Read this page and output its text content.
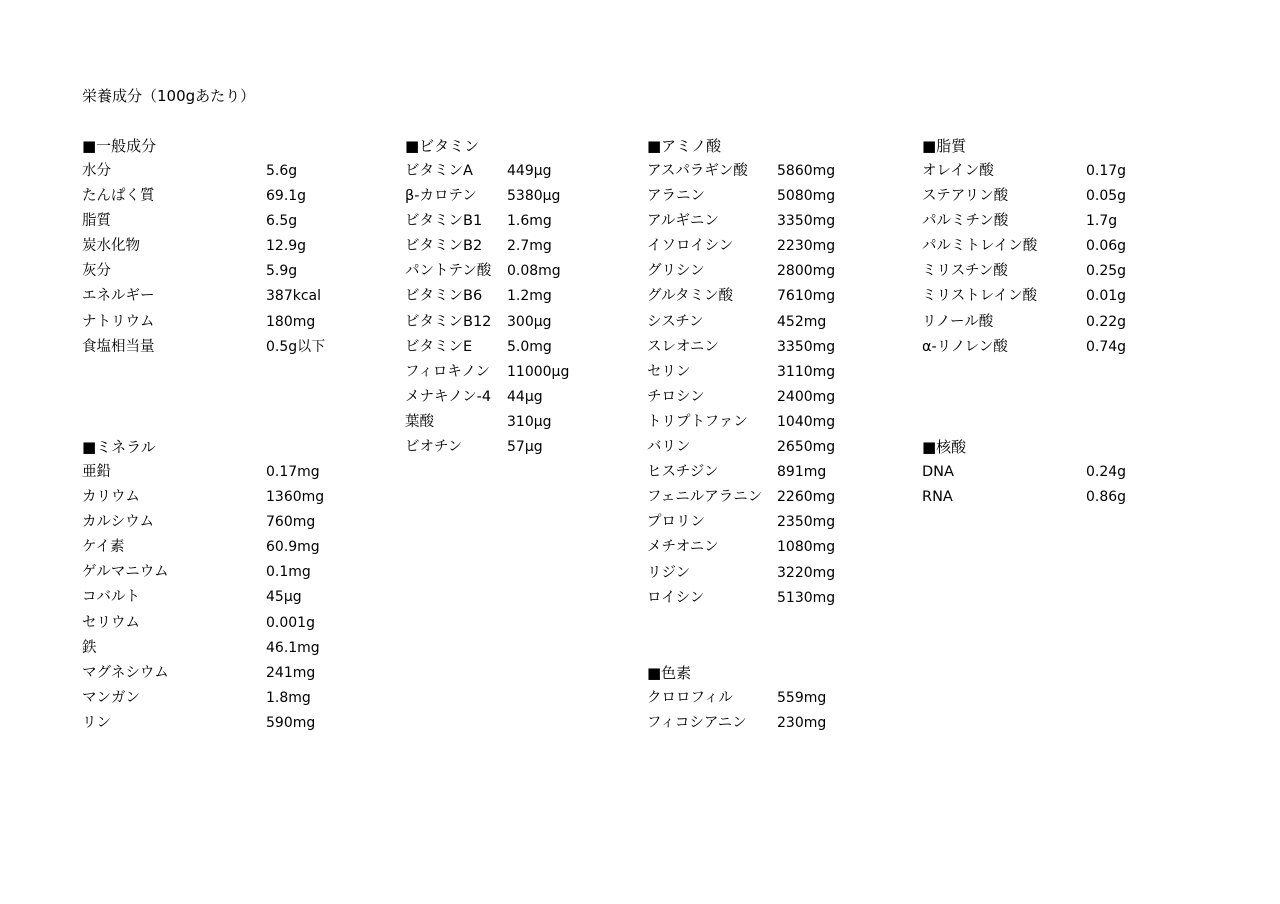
栄養成分（100gあたり）
■一般成分
水分	5.6g
たんぱく質	69.1g
脂質	6.5g
炭水化物	12.9g
灰分	5.9g
エネルギー	387kcal
ナトリウム	180mg
食塩相当量	0.5g以下
■ミネラル
亜鉛	0.17mg
カリウム	1360mg
カルシウム	760mg
ケイ素	60.9mg
ゲルマニウム	0.1mg
コバルト	45μg
セリウム	0.001g
鉄	46.1mg
マグネシウム	241mg
マンガン	1.8mg
リン	590mg
■ビタミン
ビタミンA 449μg
β-カロテン 5380μg
ビタミンB1 1.6mg
ビタミンB2 2.7mg
パントテン酸 0.08mg
ビタミンB6 1.2mg
ビタミンB12 300μg
ビタミンE 5.0mg
フィロキノン 11000μg
メナキノン-4 44μg
葉酸	310μg
ビオチン	57μg
■アミノ酸
アスパラギン酸 5860mg
アラニン	5080mg
アルギニン	3350mg
イソロイシン	2230mg
グリシン	2800mg
グルタミン酸	7610mg
シスチン	452mg
スレオニン	3350mg
セリン	3110mg
チロシン	2400mg
トリプトファン 1040mg
バリン	2650mg
ヒスチジン	891mg
フェニルアラニン 2260mg
プロリン	2350mg
メチオニン	1080mg
リジン	3220mg
ロイシン	5130mg
■色素
クロロフィル	559mg
フィコシアニン 230mg
■脂質
オレイン酸	0.17g
ステアリン酸	0.05g
パルミチン酸	1.7g
パルミトレイン酸	0.06g
ミリスチン酸	0.25g
ミリストレイン酸	0.01g
リノール酸	0.22g
α-リノレン酸	0.74g
■核酸
DNA	0.24g
RNA	0.86g
